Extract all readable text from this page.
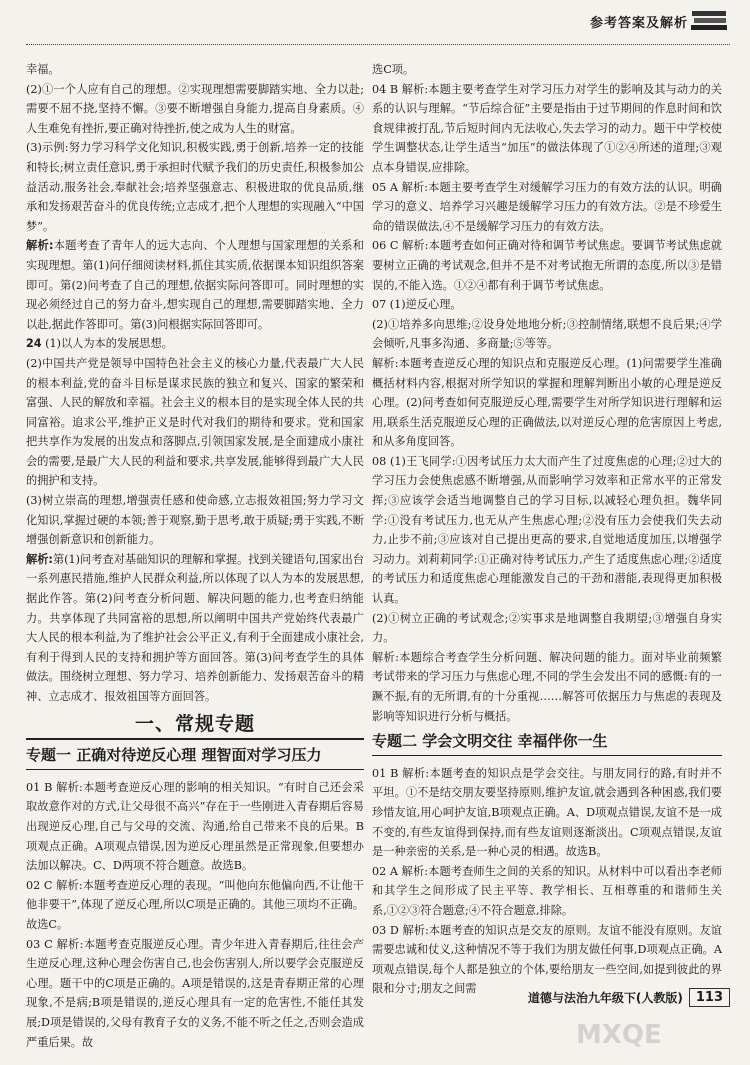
参考答案及解析

幸福。

(2)①一个人应有自己的理想。②实现理想需要脚踏实地、全力以赴;需要不屈不挠,坚持不懈。③要不断增强自身能力,提高自身素质。④人生难免有挫折,要正确对待挫折,使之成为人生的财富。

(3)示例:努力学习科学文化知识,积极实践,勇于创新,培养一定的技能和特长;树立责任意识,勇于承担时代赋予我们的历史责任,积极参加公益活动,服务社会,奉献社会;培养坚强意志、积极进取的优良品质,继承和发扬艰苦奋斗的优良传统;立志成才,把个人理想的实现融入“中国梦”。

解析:本题考查了青年人的远大志向、个人理想与国家理想的关系和实现理想。第(1)问仔细阅读材料,抓住其实质,依据课本知识组织答案即可。第(2)问考查了自己的理想,依据实际问答即可。同时理想的实现必须经过自己的努力奋斗,想实现自己的理想,需要脚踏实地、全力以赴,据此作答即可。第(3)问根据实际回答即可。

24 (1)以人为本的发展思想。

(2)中国共产党是领导中国特色社会主义的核心力量,代表最广大人民的根本利益,党的奋斗目标是谋求民族的独立和复兴、国家的繁荣和富强、人民的解放和幸福。社会主义的根本目的是实现全体人民的共同富裕。追求公平,维护正义是时代对我们的期待和要求。党和国家把共享作为发展的出发点和落脚点,引领国家发展,是全面建成小康社会的需要,是最广大人民的利益和要求,共享发展,能够得到最广大人民的拥护和支持。

(3)树立崇高的理想,增强责任感和使命感,立志报效祖国;努力学习文化知识,掌握过硬的本领;善于观察,勤于思考,敢于质疑;勇于实践,不断增强创新意识和创新能力。

解析:第(1)问考查对基础知识的理解和掌握。找到关键语句,国家出台一系列惠民措施,维护人民群众利益,所以体现了以人为本的发展思想,据此作答。第(2)问考查分析问题、解决问题的能力,也考查归纳能力。共享体现了共同富裕的思想,所以阐明中国共产党始终代表最广大人民的根本利益,为了维护社会公平正义,有利于全面建成小康社会,有利于得到人民的支持和拥护等方面回答。第(3)问考查学生的具体做法。围绕树立理想、努力学习、培养创新能力、发扬艰苦奋斗的精神、立志成才、报效祖国等方面回答。

一、常规专题
专题一 正确对待逆反心理 理智面对学习压力

01 B 解析:本题考查逆反心理的影响的相关知识。“有时自己还会采取故意作对的方式,让父母很不高兴”存在于一些刚进入青春期后容易出现逆反心理,自己与父母的交流、沟通,给自己带来不良的后果。B项观点正确。A项观点错误,因为逆反心理虽然是正常现象,但要想办法加以解决。C、D两项不符合题意。故选B。

02 C 解析:本题考查逆反心理的表现。“叫他向东他偏向西,不让他干他非要干”,体现了逆反心理,所以C项是正确的。其他三项均不正确。故选C。

03 C 解析:本题考查克服逆反心理。青少年进入青春期后,往往会产生逆反心理,这种心理会伤害自己,也会伤害别人,所以要学会克服逆反心理。题干中的C项是正确的。A项是错误的,这是青春期正常的心理现象,不是病;B项是错误的,逆反心理具有一定的危害性,不能任其发展;D项是错误的,父母有教育子女的义务,不能不听之任之,否则会造成严重后果。故

选C项。

04 B 解析:本题主要考查学生对学习压力对学生的影响及其与动力的关系的认识与理解。“节后综合征”主要是指由于过节期间的作息时间和饮食规律被打乱,节后短时间内无法收心,失去学习的动力。题干中学校使学生调整状态,让学生适当“加压”的做法体现了①②④所述的道理;③观点本身错误,应排除。

05 A 解析:本题主要考查学生对缓解学习压力的有效方法的认识。明确学习的意义、培养学习兴趣是缓解学习压力的有效方法。②是不珍爱生命的错误做法,④不是缓解学习压力的有效方法。

06 C 解析:本题考查如何正确对待和调节考试焦虑。要调节考试焦虑就要树立正确的考试观念,但并不是不对考试抱无所谓的态度,所以③是错误的,不能入选。①②④都有利于调节考试焦虑。

07 (1)逆反心理。

(2)①培养多向思维;②设身处地地分析;③控制情绪,联想不良后果;④学会倾听,凡事多沟通、多商量;⑤等等。

解析:本题考查逆反心理的知识点和克服逆反心理。(1)问需要学生准确概括材料内容,根据对所学知识的掌握和理解判断出小敏的心理是逆反心理。(2)问考查如何克服逆反心理,需要学生对所学知识进行理解和运用,联系生活克服逆反心理的正确做法,以对逆反心理的危害原因上考虑,和从多角度回答。

08 (1)王飞同学:①因考试压力太大而产生了过度焦虑的心理;②过大的学习压力会使焦虑感不断增强,从而影响学习效率和正常水平的正常发挥;③应该学会适当地调整自己的学习目标,以减轻心理负担。魏华同学:①没有考试压力,也无从产生焦虑心理;②没有压力会使我们失去动力,止步不前;③应该对自己提出更高的要求,自觉地适度加压,以增强学习动力。刘莉莉同学:①正确对待考试压力,产生了适度焦虑心理;②适度的考试压力和适度焦虑心理能激发自己的干劲和潜能,表现得更加积极认真。

(2)①树立正确的考试观念;②实事求是地调整自我期望;③增强自身实力。

解析:本题综合考查学生分析问题、解决问题的能力。面对毕业前频繁考试带来的学习压力与焦虑心理,不同的学生会发出不同的感慨:有的一蹶不振,有的无所谓,有的十分重视……解答可依据压力与焦虑的表现及影响等知识进行分析与概括。

专题二 学会文明交往 幸福伴你一生

01 B 解析:本题考查的知识点是学会交往。与朋友同行的路,有时并不平坦。①不是结交朋友要坚持原则,维护友谊,就会遇到各种困惑,我们要珍惜友谊,用心呵护友谊,B项观点正确。A、D项观点错误,友谊不是一成不变的,有些友谊得到保持,而有些友谊则逐渐淡出。C项观点错误,友谊是一种亲密的关系,是一种心灵的相遇。故选B。

02 A 解析:本题考查师生之间的关系的知识。从材料中可以看出李老师和其学生之间形成了民主平等、教学相长、互相尊重的和谐师生关系,①②③符合题意;④不符合题意,排除。

03 D 解析:本题考查的知识点是交友的原则。友谊不能没有原则。友谊需要忠诚和仗义,这种情况不等于我们为朋友做任何事,D项观点正确。A项观点错误,每个人都是独立的个体,要给朋友一些空间,如提到彼此的界限和分寸;朋友之间需

道德与法治九年级下(人教版)	113
MXQE
